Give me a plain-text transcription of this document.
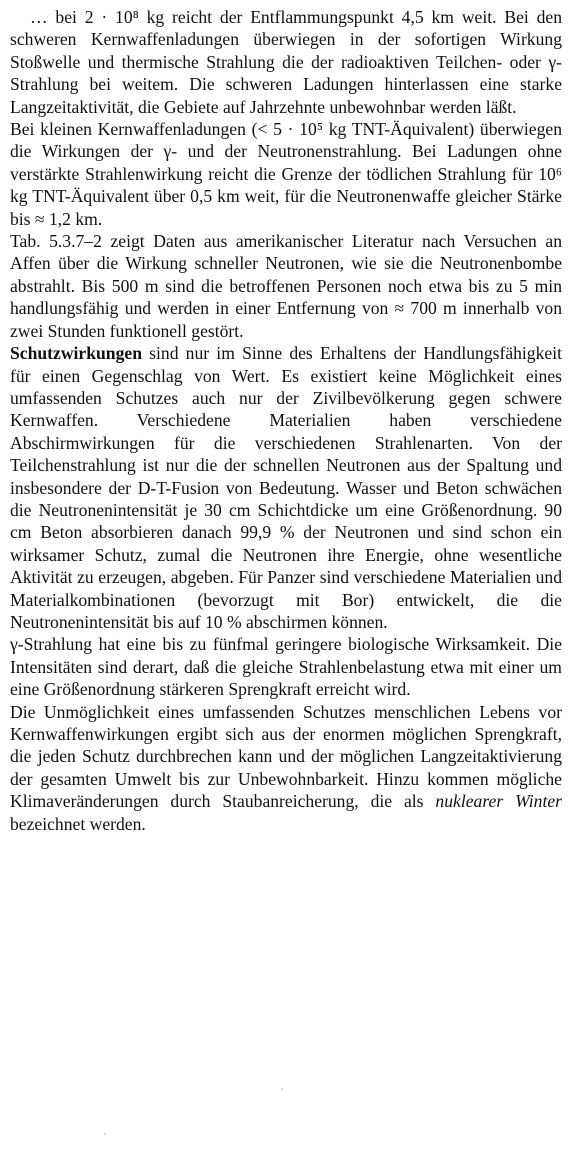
… bei 2 · 10⁸ kg reicht der Entflammungspunkt 4,5 km weit. Bei den schweren Kernwaffenladungen überwiegen in der sofortigen Wirkung Stoßwelle und thermische Strahlung die der radioaktiven Teilchen- oder γ-Strahlung bei weitem. Die schweren Ladungen hinterlassen eine starke Langzeitaktivität, die Gebiete auf Jahrzehnte unbewohnbar werden läßt.

Bei kleinen Kernwaffenladungen (< 5 · 10⁵ kg TNT-Äquivalent) überwiegen die Wirkungen der γ- und der Neutronenstrahlung. Bei Ladungen ohne verstärkte Strahlenwirkung reicht die Grenze der tödlichen Strahlung für 10⁶ kg TNT-Äquivalent über 0,5 km weit, für die Neutronenwaffe gleicher Stärke bis ≈ 1,2 km.

Tab. 5.3.7–2 zeigt Daten aus amerikanischer Literatur nach Versuchen an Affen über die Wirkung schneller Neutronen, wie sie die Neutronenbombe abstrahlt. Bis 500 m sind die betroffenen Personen noch etwa bis zu 5 min handlungsfähig und werden in einer Entfernung von ≈ 700 m innerhalb von zwei Stunden funktionell gestört.

Schutzwirkungen sind nur im Sinne des Erhaltens der Handlungsfähigkeit für einen Gegenschlag von Wert. Es existiert keine Möglichkeit eines umfassenden Schutzes auch nur der Zivilbevölkerung gegen schwere Kernwaffen. Verschiedene Materialien haben verschiedene Abschirmwirkungen für die verschiedenen Strahlenarten. Von der Teilchenstrahlung ist nur die der schnellen Neutronen aus der Spaltung und insbesondere der D-T-Fusion von Bedeutung. Wasser und Beton schwächen die Neutronenintensität je 30 cm Schichtdicke um eine Größenordnung. 90 cm Beton absorbieren danach 99,9 % der Neutronen und sind schon ein wirksamer Schutz, zumal die Neutronen ihre Energie, ohne wesentliche Aktivität zu erzeugen, abgeben. Für Panzer sind verschiedene Materialien und Materialkombinationen (bevorzugt mit Bor) entwickelt, die die Neutronenintensität bis auf 10 % abschirmen können.

γ-Strahlung hat eine bis zu fünfmal geringere biologische Wirksamkeit. Die Intensitäten sind derart, daß die gleiche Strahlenbelastung etwa mit einer um eine Größenordnung stärkeren Sprengkraft erreicht wird.

Die Unmöglichkeit eines umfassenden Schutzes menschlichen Lebens vor Kernwaffenwirkungen ergibt sich aus der enormen möglichen Sprengkraft, die jeden Schutz durchbrechen kann und der möglichen Langzeitaktivierung der gesamten Umwelt bis zur Unbewohnbarkeit. Hinzu kommen mögliche Klimaveränderungen durch Staubanreicherung, die als nuklearer Winter bezeichnet werden.
